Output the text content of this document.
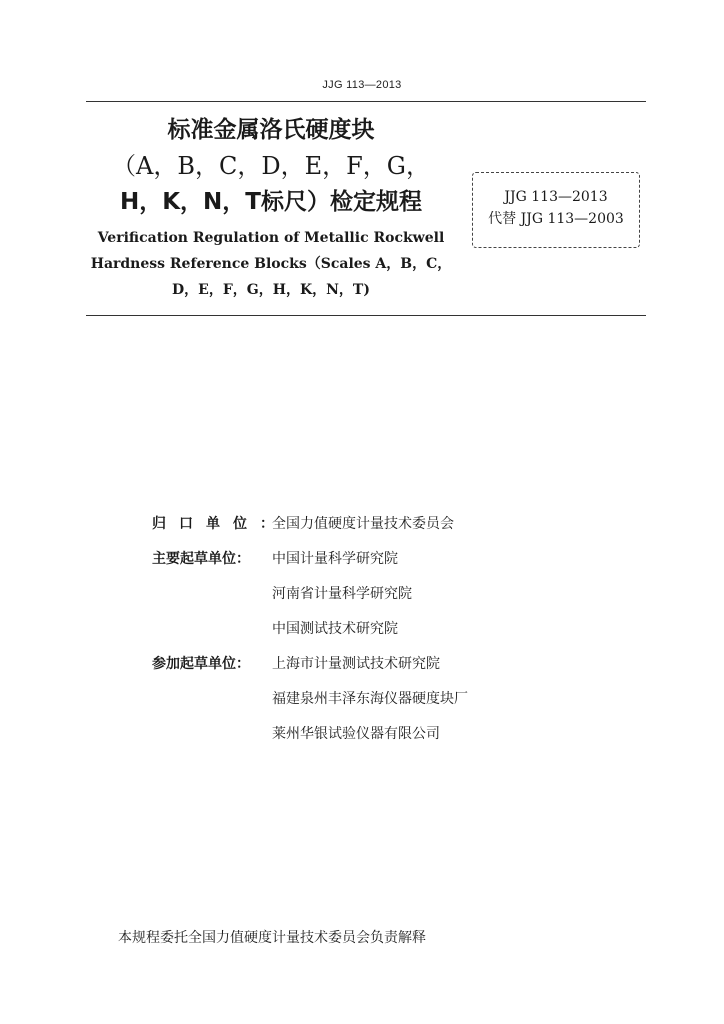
JJG 113—2013
标准金属洛氏硬度块
（A，B，C，D，E，F，G，
H，K，N，T标尺）检定规程
Verification Regulation of Metallic Rockwell
Hardness Reference Blocks（Scales A，B，C，
D，E，F，G，H，K，N，T)
JJG 113—2013
代替 JJG 113—2003
归口单位：
全国力值硬度计量技术委员会
主要起草单位：	中国计量科学研究院
河南省计量科学研究院
中国测试技术研究院
参加起草单位：	上海市计量测试技术研究院
福建泉州丰泽东海仪器硬度块厂
莱州华银试验仪器有限公司
本规程委托全国力值硬度计量技术委员会负责解释
